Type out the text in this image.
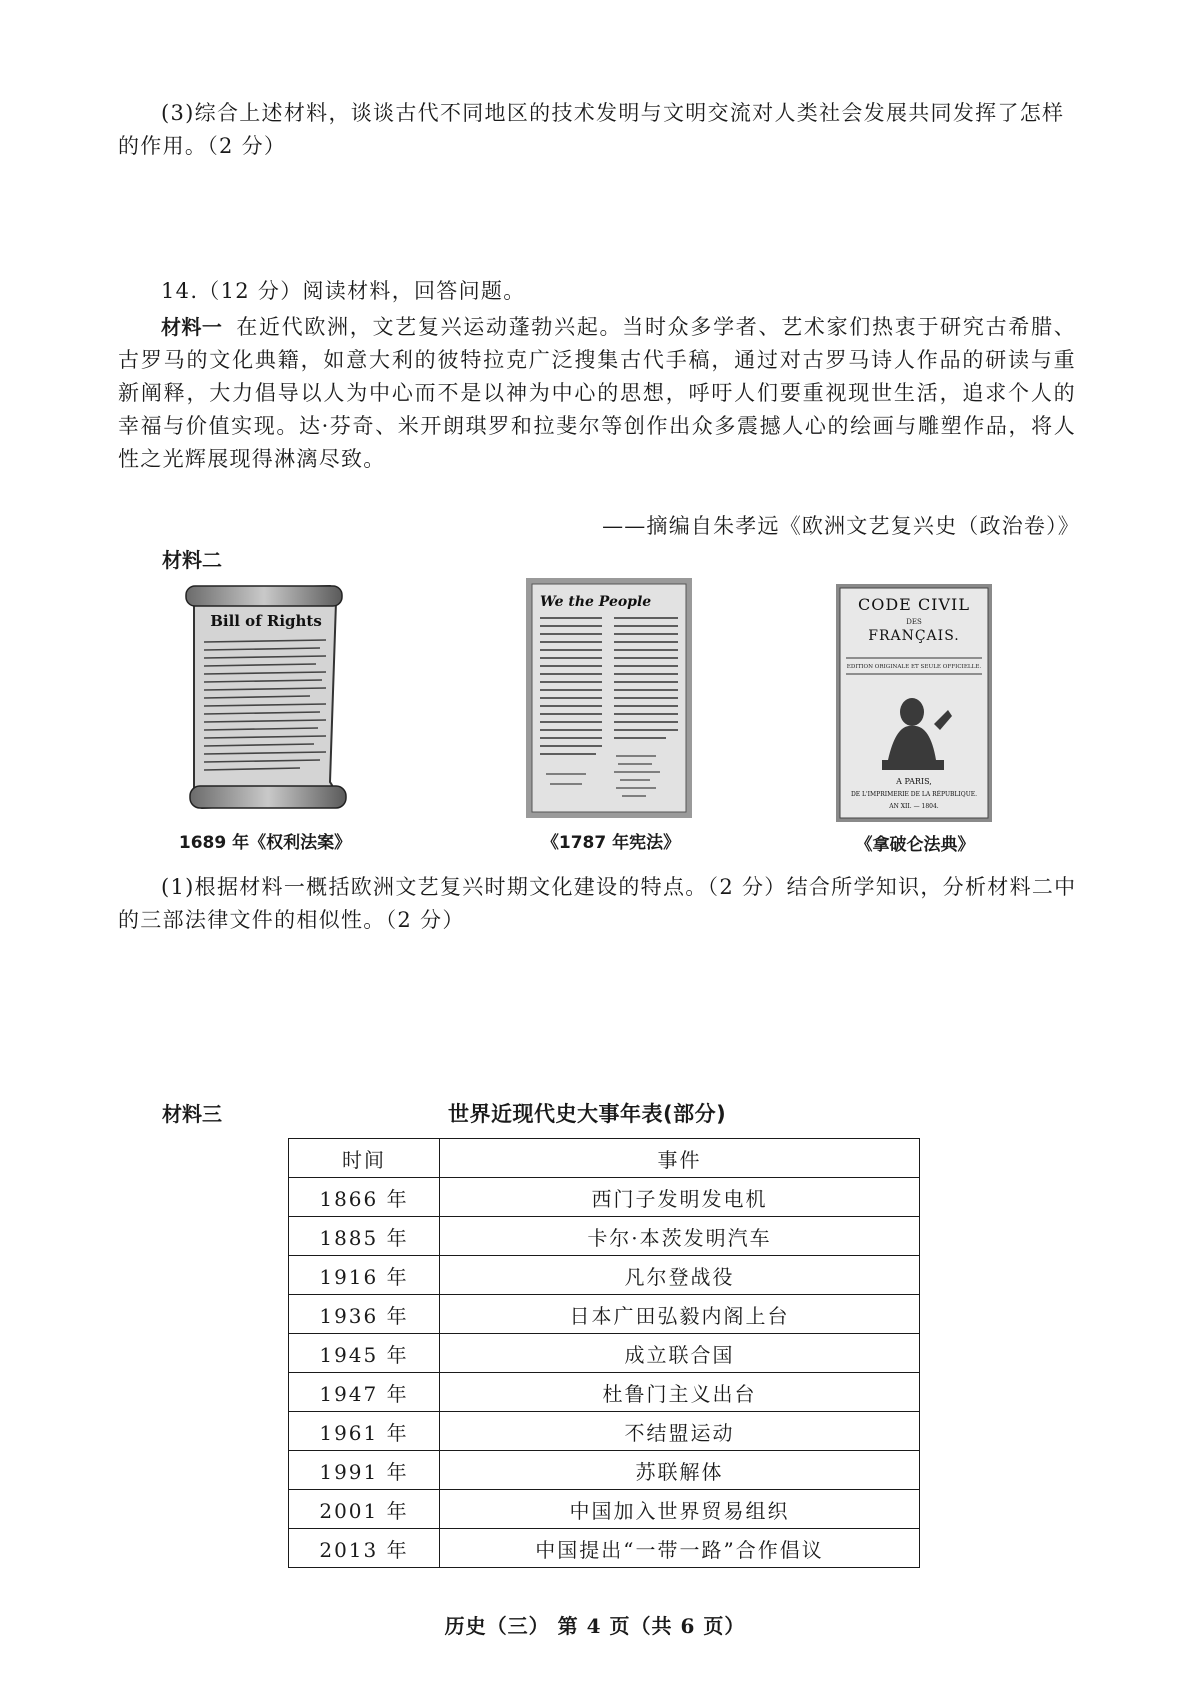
(3)综合上述材料，谈谈古代不同地区的技术发明与文明交流对人类社会发展共同发挥了怎样的作用。（2 分）
14.（12 分）阅读材料，回答问题。
材料一 在近代欧洲，文艺复兴运动蓬勃兴起。当时众多学者、艺术家们热衷于研究古希腊、古罗马的文化典籍，如意大利的彼特拉克广泛搜集古代手稿，通过对古罗马诗人作品的研读与重新阐释，大力倡导以人为中心而不是以神为中心的思想，呼吁人们要重视现世生活，追求个人的幸福与价值实现。达·芬奇、米开朗琪罗和拉斐尔等创作出众多震撼人心的绘画与雕塑作品，将人性之光辉展现得淋漓尽致。
——摘编自朱孝远《欧洲文艺复兴史（政治卷）》
材料二
Bill of Rights
1689 年《权利法案》
We the People
《1787 年宪法》
CODE CIVIL
DES
FRANÇAIS.
EDITION ORIGINALE ET SEULE OFFICIELLE.
A PARIS,
DE L'IMPRIMERIE DE LA RÉPUBLIQUE.
AN XII. — 1804.
《拿破仑法典》
(1)根据材料一概括欧洲文艺复兴时期文化建设的特点。（2 分）结合所学知识，分析材料二中的三部法律文件的相似性。（2 分）
材料三	世界近现代史大事年表(部分)
时间	事件
1866 年	西门子发明发电机
1885 年	卡尔·本茨发明汽车
1916 年	凡尔登战役
1936 年	日本广田弘毅内阁上台
1945 年	成立联合国
1947 年	杜鲁门主义出台
1961 年	不结盟运动
1991 年	苏联解体
2001 年	中国加入世界贸易组织
2013 年	中国提出“一带一路”合作倡议
历史（三） 第 4 页（共 6 页）
